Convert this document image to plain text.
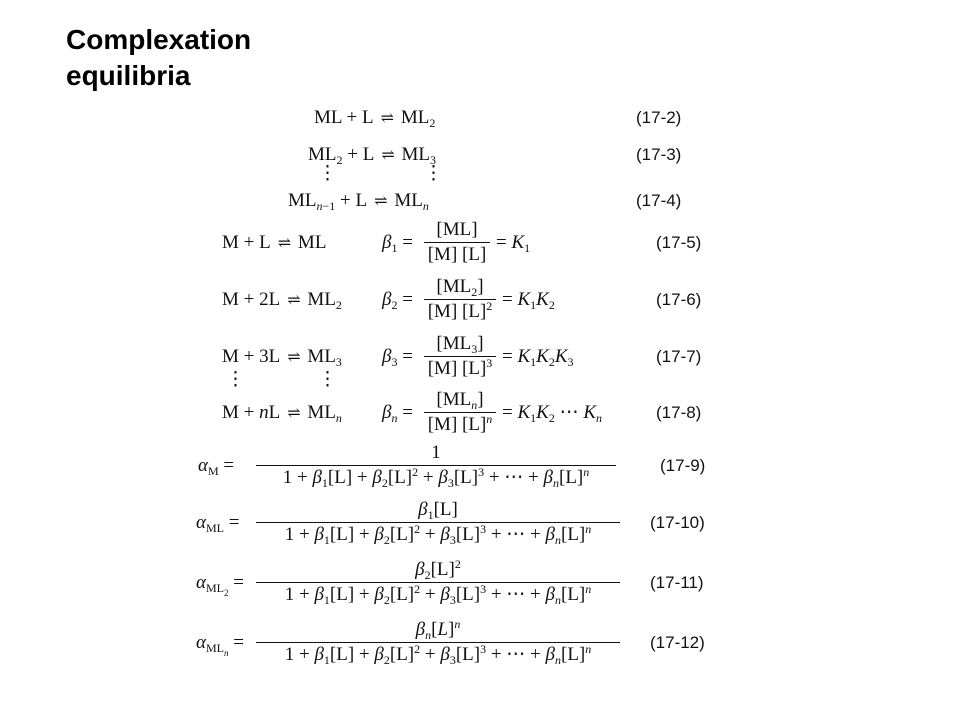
Complexation
equilibria
ML + L ⇌ $ML_2$	(17-2)
$ML_2 + L$ ⇌ $ML_3$	(17-3)
⋮	⋮
$ML_{n-1} + L$ ⇌ $ML_n$	(17-4)
M + L ⇌ ML	$\beta_1$ =
[ML]
[M] [L]
= $K_1$	(17-5)
M + 2L ⇌ $ML_2$ $\beta_2$ =
$[ML_2]$
[M] $[L]^2 = K_1K_2$	(17-6)
M + 3L ⇌ $ML_3$ $\beta_3$ =
$[ML_3]$
[M] $[L]^3 = K_1K_2K_3$	(17-7)
⋮	⋮
M + nL ⇌ $ML_n$ $\beta_n$ =
$[ML_n]$
[M] $[L]^n = K_1K_2$ ⋯ $K_n$	(17-8)
$\alpha_M$ =
1
$1 + \beta_1[L] + \beta_2[L]^2 + \beta_3[L]^3$ + ⋯ + $\beta_n[L]^n$	(17-9)
$\alpha_{ML}$ =
$\beta_1[L]$
$1 + \beta_1[L] + \beta_2[L]^2 + \beta_3[L]^3$ + ⋯ + $\beta_n[L]^n$	(17-10)
$\alpha_{ML_2}$ =
$\beta_2[L]^2$
$1 + \beta_1[L] + \beta_2[L]^2 + \beta_3[L]^3$ + ⋯ + $\beta_n[L]^n$	(17-11)
$\alpha_{ML_n}$ =
$\beta_n[L]^n$
$1 + \beta_1[L] + \beta_2[L]^2 + \beta_3[L]^3$ + ⋯ + $\beta_n[L]^n$	(17-12)
